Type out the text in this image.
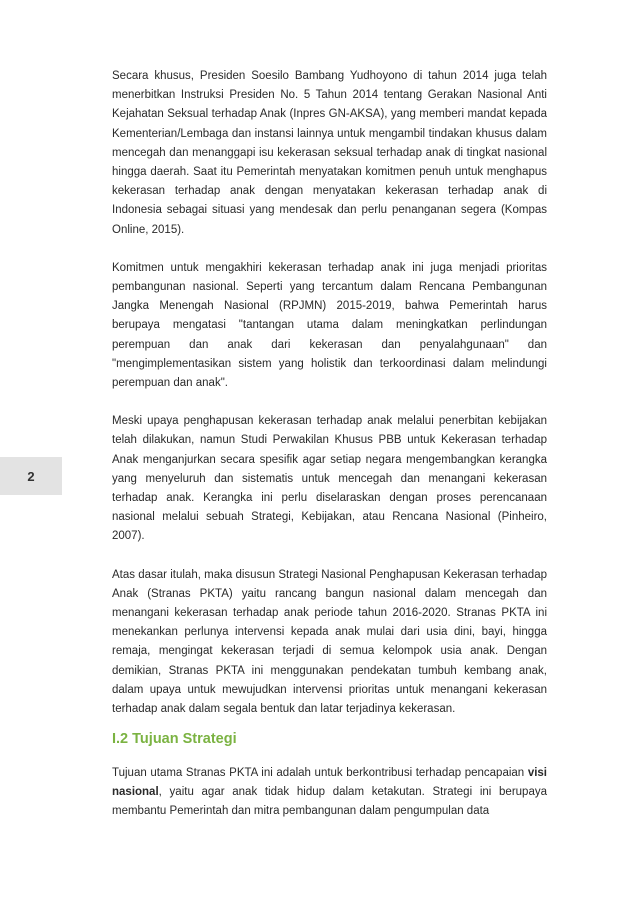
2

Secara khusus, Presiden Soesilo Bambang Yudhoyono di tahun 2014 juga telah menerbitkan Instruksi Presiden No. 5 Tahun 2014 tentang Gerakan Nasional Anti Kejahatan Seksual terhadap Anak (Inpres GN-AKSA), yang memberi mandat kepada Kementerian/Lembaga dan instansi lainnya untuk mengambil tindakan khusus dalam mencegah dan menanggapi isu kekerasan seksual terhadap anak di tingkat nasional hingga daerah. Saat itu Pemerintah menyatakan komitmen penuh untuk menghapus kekerasan terhadap anak dengan menyatakan kekerasan terhadap anak di Indonesia sebagai situasi yang mendesak dan perlu penanganan segera (Kompas Online, 2015).

Komitmen untuk mengakhiri kekerasan terhadap anak ini juga menjadi prioritas pembangunan nasional. Seperti yang tercantum dalam Rencana Pembangunan Jangka Menengah Nasional (RPJMN) 2015-2019, bahwa Pemerintah harus berupaya mengatasi "tantangan utama dalam meningkatkan perlindungan perempuan dan anak dari kekerasan dan penyalahgunaan" dan "mengimplementasikan sistem yang holistik dan terkoordinasi dalam melindungi perempuan dan anak".

Meski upaya penghapusan kekerasan terhadap anak melalui penerbitan kebijakan telah dilakukan, namun Studi Perwakilan Khusus PBB untuk Kekerasan terhadap Anak menganjurkan secara spesifik agar setiap negara mengembangkan kerangka yang menyeluruh dan sistematis untuk mencegah dan menangani kekerasan terhadap anak. Kerangka ini perlu diselaraskan dengan proses perencanaan nasional melalui sebuah Strategi, Kebijakan, atau Rencana Nasional (Pinheiro, 2007).

Atas dasar itulah, maka disusun Strategi Nasional Penghapusan Kekerasan terhadap Anak (Stranas PKTA) yaitu rancang bangun nasional dalam mencegah dan menangani kekerasan terhadap anak periode tahun 2016-2020. Stranas PKTA ini menekankan perlunya intervensi kepada anak mulai dari usia dini, bayi, hingga remaja, mengingat kekerasan terjadi di semua kelompok usia anak. Dengan demikian, Stranas PKTA ini menggunakan pendekatan tumbuh kembang anak, dalam upaya untuk mewujudkan intervensi prioritas untuk menangani kekerasan terhadap anak dalam segala bentuk dan latar terjadinya kekerasan.

I.2 Tujuan Strategi

Tujuan utama Stranas PKTA ini adalah untuk berkontribusi terhadap pencapaian visi nasional, yaitu agar anak tidak hidup dalam ketakutan. Strategi ini berupaya membantu Pemerintah dan mitra pembangunan dalam pengumpulan data
